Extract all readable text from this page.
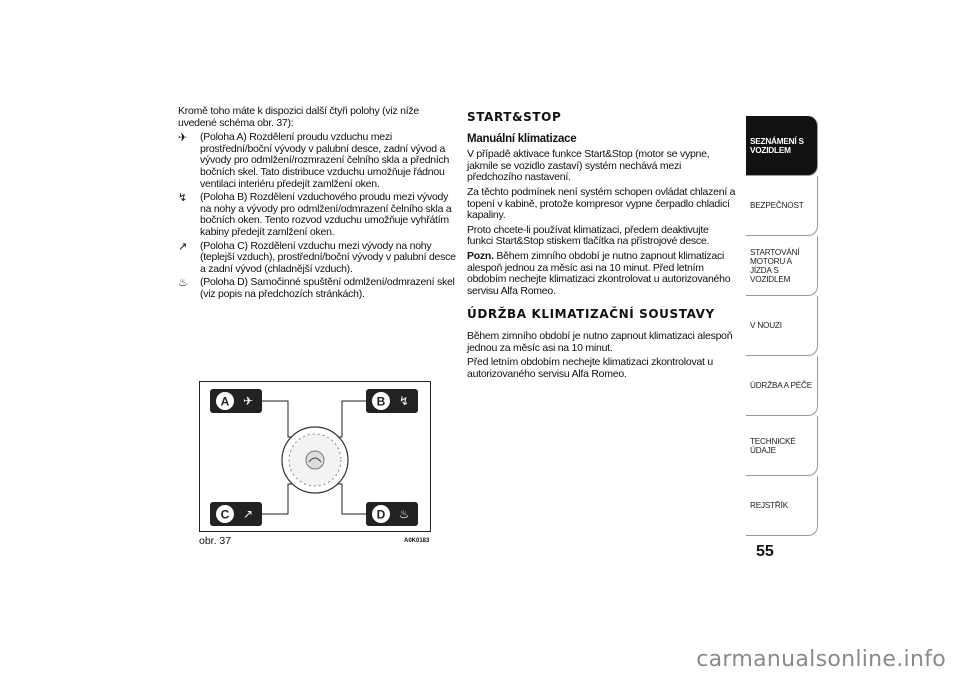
Kromě toho máte k dispozici další čtyři polohy (viz níže uvedené schéma obr. 37):

✈	(Poloha A) Rozdělení proudu vzduchu mezi prostřední/boční vývody v palubní desce, zadní vývod a vývody pro odmlžení/rozmrazení čelního skla a předních bočních skel. Tato distribuce vzduchu umožňuje řádnou ventilaci interiéru předejít zamlžení oken.
↯	(Poloha B) Rozdělení vzduchového proudu mezi vývody na nohy a vývody pro odmlžení/odmrazení čelního skla a bočních oken. Tento rozvod vzduchu umožňuje vyhřátím kabiny předejít zamlžení oken.
↗	(Poloha C) Rozdělení vzduchu mezi vývody na nohy (teplejší vzduch), prostřední/boční vývody v palubní desce a zadní vývod (chladnější vzduch).
♨	(Poloha D) Samočinné spuštění odmlžení/odmrazení skel (viz popis na předchozích stránkách).
A ✈	B ↯
C ↗	D ♨
obr. 37	A0K0183
START&STOP
Manuální klimatizace

V případě aktivace funkce Start&Stop (motor se vypne, jakmile se vozidlo zastaví) systém nechává mezi předchozího nastavení.

Za těchto podmínek není systém schopen ovládat chlazení a topení v kabině, protože kompresor vypne čerpadlo chladicí kapaliny.

Proto chcete-li používat klimatizaci, předem deaktivujte funkci Start&Stop stiskem tlačítka na přístrojové desce.

Pozn. Během zimního období je nutno zapnout klimatizaci alespoň jednou za měsíc asi na 10 minut. Před letním obdobím nechejte klimatizaci zkontrolovat u autorizovaného servisu Alfa Romeo.

ÚDRŽBA KLIMATIZAČNÍ SOUSTAVY

Během zimního období je nutno zapnout klimatizaci alespoň jednou za měsíc asi na 10 minut.

Před letním obdobím nechejte klimatizaci zkontrolovat u autorizovaného servisu Alfa Romeo.

SEZNÁMENÍ S VOZIDLEM
BEZPEČNOST
STARTOVÁNÍ MOTORU A JÍZDA S VOZIDLEM
V NOUZI
ÚDRŽBA A PÉČE
TECHNICKÉ ÚDAJE
REJSTŘÍK
55
carmanualsonline.info
